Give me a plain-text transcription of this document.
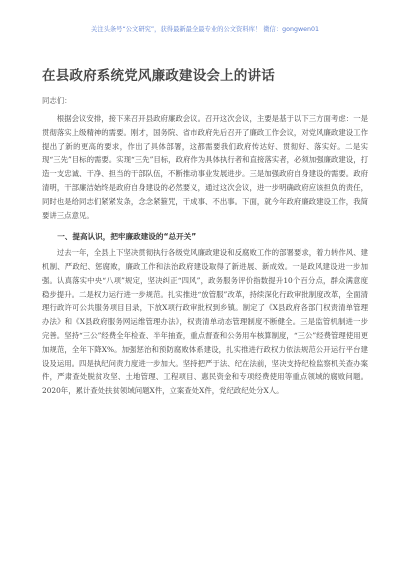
关注头条号“公文研究”，获得最新最全最专业的公文资料库！ 微信：gongwen01
在县政府系统党风廉政建设会上的讲话
同志们：

根据会议安排，接下来召开县政府廉政会议。召开这次会议，主要是基于以下三方面考虑：一是贯彻落实上级精神的需要。刚才，国务院、省市政府先后召开了廉政工作会议，对党风廉政建设工作提出了新的更高的要求，作出了具体部署，这都需要我们政府传达好、贯彻好、落实好。二是实现“三先”目标的需要。实现“三先”目标，政府作为具体执行者和直接落实者，必须加强廉政建设，打造一支忠诚、干净、担当的干部队伍，不断推动事业发展进步。三是加强政府自身建设的需要。政府清明，干部廉洁始终是政府自身建设的必然要义，通过这次会议，进一步明确政府应该担负的责任，同时也是给同志们紧紧发条，念念紧箍咒，干成事、不出事。下面，就今年政府廉政建设工作，我简要讲三点意见。

一、提高认识，把牢廉政建设的“总开关”

过去一年，全县上下坚决贯彻执行各级党风廉政建设和反腐败工作的部署要求，着力转作风、建机制、严政纪、惩腐败，廉政工作和法治政府建设取得了新进展、新成效。一是政风建设进一步加强。认真落实中央“八项”规定，坚决纠正“四风”，政务服务评价指数提升10个百分点，群众满意度稳步提升。二是权力运行进一步规范。扎实推进“放管服”改革，持续深化行政审批制度改革，全面清理行政许可公共服务项目目录，下放X项行政审批权到乡镇。制定了《X县政府各部门权责清单管理办法》和《X县政府服务网运维管理办法》，权责清单动态管理制度不断健全。三是监管机制进一步完善。坚持“三公”经费全年检查、半年抽查，重点督查和公务用车核算制度，“三公”经费管理使用更加规范，全年下降X%。加强惩治和预防腐败体系建设，扎实推进行政权力依法规范公开运行平台建设及运用。四是执纪问责力度进一步加大。坚持把严于法、纪在法前，坚决支持纪检监察机关查办案件，严肃查处脱贫攻坚、土地管理、工程项目、惠民资金和专项经费使用等重点领域的腐败问题。2020年，累计查处扶贫领域问题X件，立案查处X件，党纪政纪处分X人。
